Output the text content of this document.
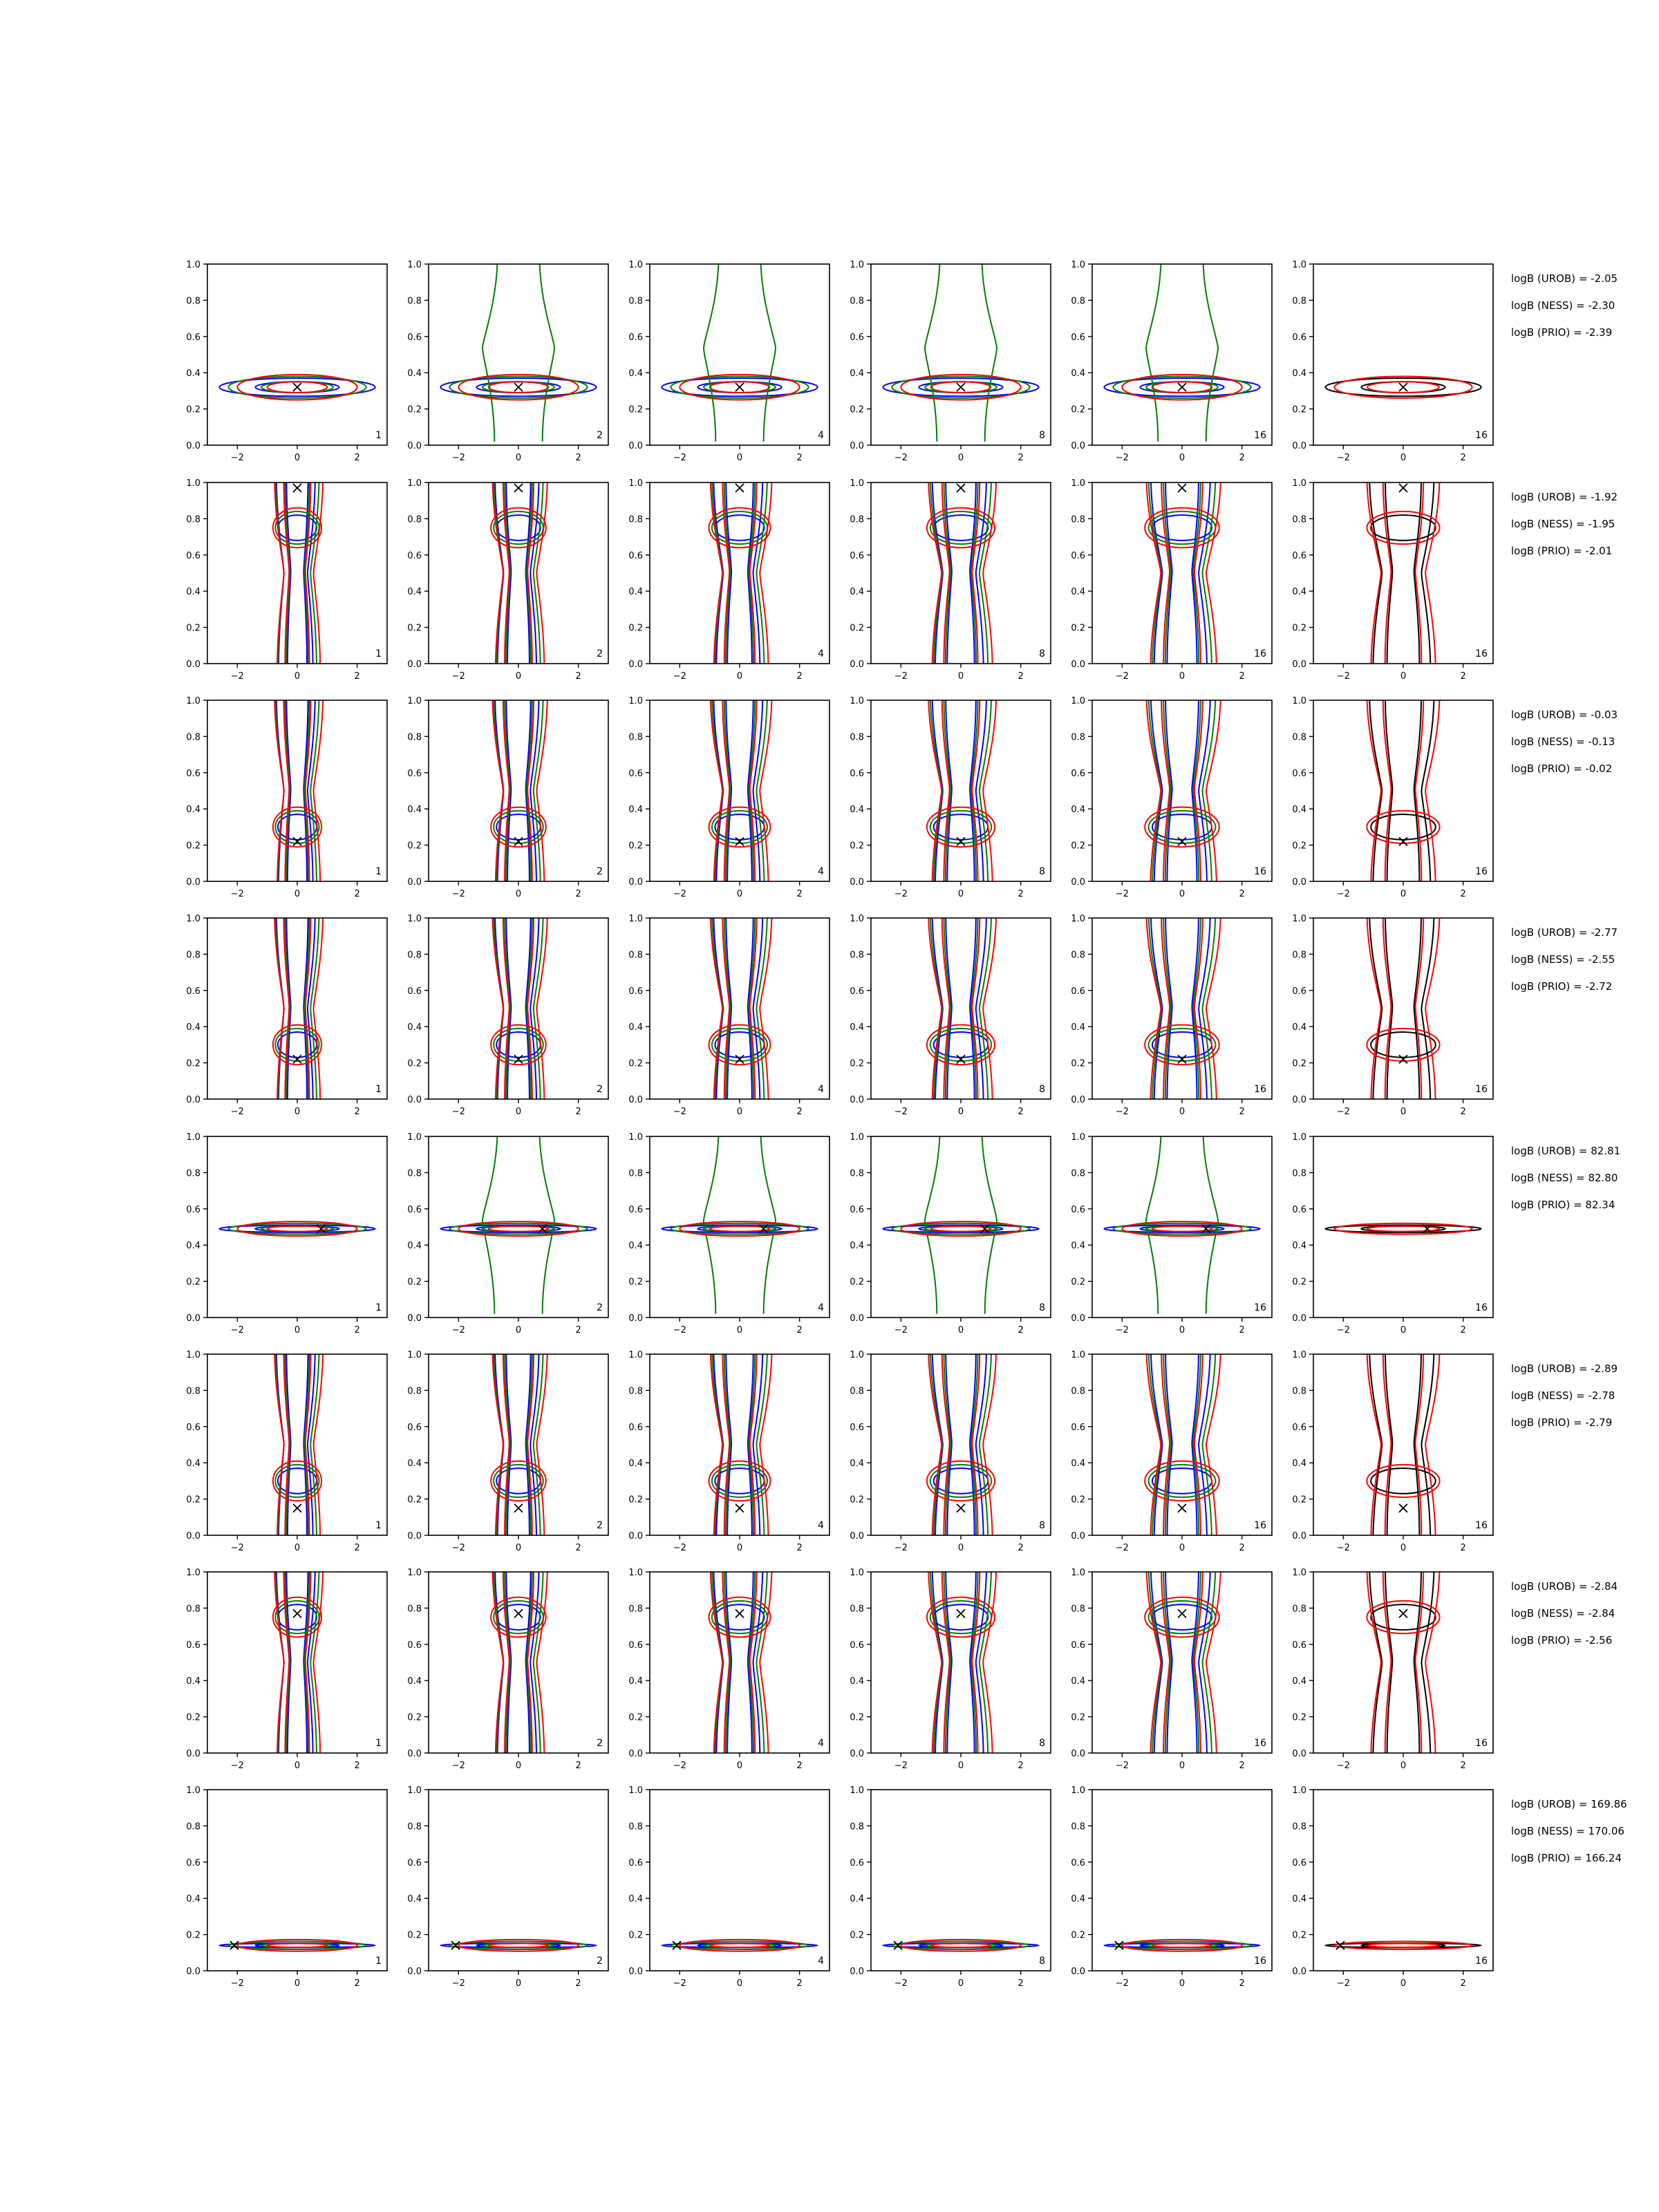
−2	0	2
0.0
0.2
0.4
0.6
0.8
1.0
1
−2	0	2
0.0
0.2
0.4
0.6
0.8
1.0
2
−2	0	2
0.0
0.2
0.4
0.6
0.8
1.0
4
−2	0	2
0.0
0.2
0.4
0.6
0.8
1.0
8
−2	0	2
0.0
0.2
0.4
0.6
0.8
1.0
16
−2	0	2
0.0
0.2
0.4
0.6
0.8
1.0
16
logB (UROB) = -2.05
logB (NESS) = -2.30
logB (PRIO) = -2.39
−2	0	2
0.0
0.2
0.4
0.6
0.8
1.0
1
−2	0	2
0.0
0.2
0.4
0.6
0.8
1.0
2
−2	0	2
0.0
0.2
0.4
0.6
0.8
1.0
4
−2	0	2
0.0
0.2
0.4
0.6
0.8
1.0
8
−2	0	2
0.0
0.2
0.4
0.6
0.8
1.0
16
−2	0	2
0.0
0.2
0.4
0.6
0.8
1.0
16
logB (UROB) = -1.92
logB (NESS) = -1.95
logB (PRIO) = -2.01
−2	0	2
0.0
0.2
0.4
0.6
0.8
1.0
1
−2	0	2
0.0
0.2
0.4
0.6
0.8
1.0
2
−2	0	2
0.0
0.2
0.4
0.6
0.8
1.0
4
−2	0	2
0.0
0.2
0.4
0.6
0.8
1.0
8
−2	0	2
0.0
0.2
0.4
0.6
0.8
1.0
16
−2	0	2
0.0
0.2
0.4
0.6
0.8
1.0
16
logB (UROB) = -0.03
logB (NESS) = -0.13
logB (PRIO) = -0.02
−2	0	2
0.0
0.2
0.4
0.6
0.8
1.0
1
−2	0	2
0.0
0.2
0.4
0.6
0.8
1.0
2
−2	0	2
0.0
0.2
0.4
0.6
0.8
1.0
4
−2	0	2
0.0
0.2
0.4
0.6
0.8
1.0
8
−2	0	2
0.0
0.2
0.4
0.6
0.8
1.0
16
−2	0	2
0.0
0.2
0.4
0.6
0.8
1.0
16
logB (UROB) = -2.77
logB (NESS) = -2.55
logB (PRIO) = -2.72
−2	0	2
0.0
0.2
0.4
0.6
0.8
1.0
1
−2	0	2
0.0
0.2
0.4
0.6
0.8
1.0
2
−2	0	2
0.0
0.2
0.4
0.6
0.8
1.0
4
−2	0	2
0.0
0.2
0.4
0.6
0.8
1.0
8
−2	0	2
0.0
0.2
0.4
0.6
0.8
1.0
16
−2	0	2
0.0
0.2
0.4
0.6
0.8
1.0
16
logB (UROB) = 82.81
logB (NESS) = 82.80
logB (PRIO) = 82.34
−2	0	2
0.0
0.2
0.4
0.6
0.8
1.0
1
−2	0	2
0.0
0.2
0.4
0.6
0.8
1.0
2
−2	0	2
0.0
0.2
0.4
0.6
0.8
1.0
4
−2	0	2
0.0
0.2
0.4
0.6
0.8
1.0
8
−2	0	2
0.0
0.2
0.4
0.6
0.8
1.0
16
−2	0	2
0.0
0.2
0.4
0.6
0.8
1.0
16
logB (UROB) = -2.89
logB (NESS) = -2.78
logB (PRIO) = -2.79
−2	0	2
0.0
0.2
0.4
0.6
0.8
1.0
1
−2	0	2
0.0
0.2
0.4
0.6
0.8
1.0
2
−2	0	2
0.0
0.2
0.4
0.6
0.8
1.0
4
−2	0	2
0.0
0.2
0.4
0.6
0.8
1.0
8
−2	0	2
0.0
0.2
0.4
0.6
0.8
1.0
16
−2	0	2
0.0
0.2
0.4
0.6
0.8
1.0
16
logB (UROB) = -2.84
logB (NESS) = -2.84
logB (PRIO) = -2.56
−2	0	2
0.0
0.2
0.4
0.6
0.8
1.0
1
−2	0	2
0.0
0.2
0.4
0.6
0.8
1.0
2
−2	0	2
0.0
0.2
0.4
0.6
0.8
1.0
4
−2	0	2
0.0
0.2
0.4
0.6
0.8
1.0
8
−2	0	2
0.0
0.2
0.4
0.6
0.8
1.0
16
−2	0	2
0.0
0.2
0.4
0.6
0.8
1.0
16
logB (UROB) = 169.86
logB (NESS) = 170.06
logB (PRIO) = 166.24
